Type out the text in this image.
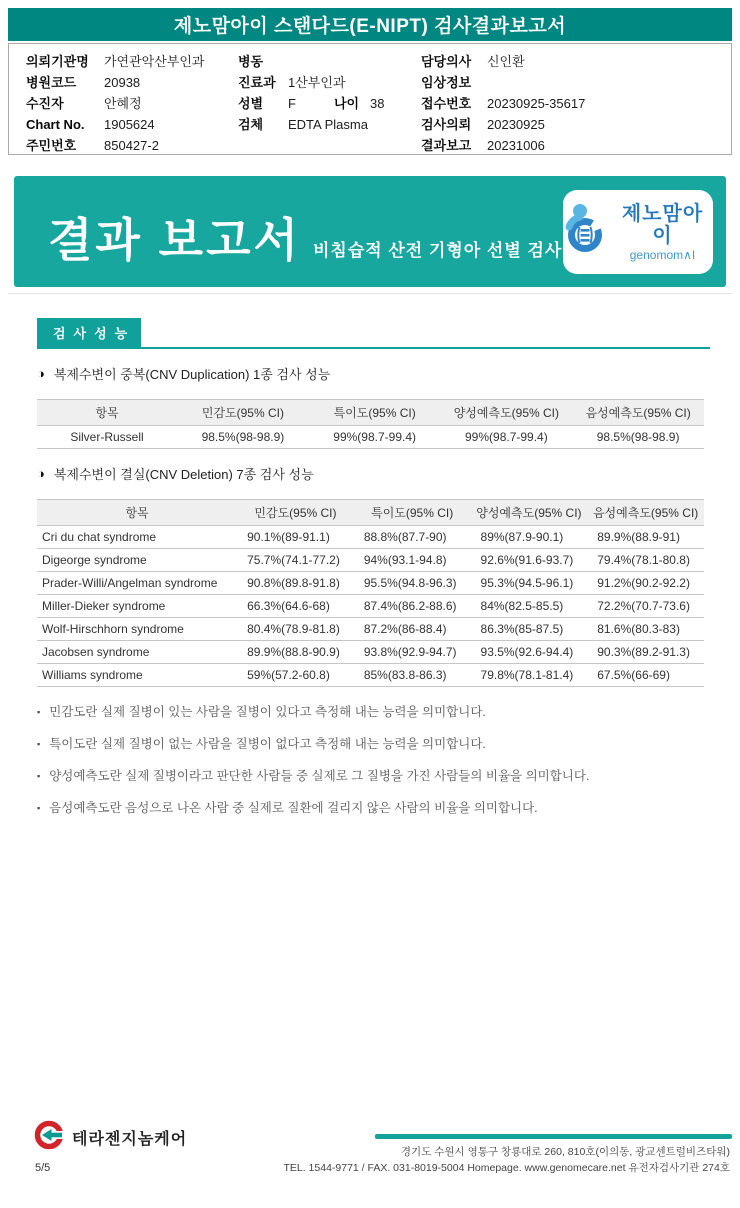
제노맘아이 스탠다드(E-NIPT) 검사결과보고서
의뢰기관명	가연관악산부인과
병원코드	20938
수진자	안혜정
Chart No.	1905624
주민번호	850427-2
병동
진료과 1산부인과
성별	F	나이 38
검체	EDTA Plasma
담당의사	신인환
임상정보
접수번호	20230925-35617
검사의뢰	20230925
결과보고	20231006
결과 보고서 비침습적 산전 기형아 선별 검사
제노맘아이
genomom∧I
검사성능
◑ 복제수변이 중복(CNV Duplication) 1종 검사 성능
항목	민감도(95% CI)	특이도(95% CI)	양성예측도(95% CI)	음성예측도(95% CI)
Silver-Russell	98.5%(98-98.9)	99%(98.7-99.4)	99%(98.7-99.4)	98.5%(98-98.9)
◑ 복제수변이 결실(CNV Deletion) 7종 검사 성능
항목	민감도(95% CI)	특이도(95% CI)	양성예측도(95% CI)	음성예측도(95% CI)
Cri du chat syndrome	90.1%(89-91.1)	88.8%(87.7-90)	89%(87.9-90.1)	89.9%(88.9-91)
Digeorge syndrome	75.7%(74.1-77.2)	94%(93.1-94.8)	92.6%(91.6-93.7)	79.4%(78.1-80.8)
Prader-Willi/Angelman syndrome	90.8%(89.8-91.8)	95.5%(94.8-96.3)	95.3%(94.5-96.1)	91.2%(90.2-92.2)
Miller-Dieker syndrome	66.3%(64.6-68)	87.4%(86.2-88.6)	84%(82.5-85.5)	72.2%(70.7-73.6)
Wolf-Hirschhorn syndrome	80.4%(78.9-81.8)	87.2%(86-88.4)	86.3%(85-87.5)	81.6%(80.3-83)
Jacobsen syndrome	89.9%(88.8-90.9)	93.8%(92.9-94.7)	93.5%(92.6-94.4)	90.3%(89.2-91.3)
Williams syndrome	59%(57.2-60.8)	85%(83.8-86.3)	79.8%(78.1-81.4)	67.5%(66-69)
▪ 민감도란 실제 질병이 있는 사람을 질병이 있다고 측정해 내는 능력을 의미합니다.
▪ 특이도란 실제 질병이 없는 사람을 질병이 없다고 측정해 내는 능력을 의미합니다.
▪ 양성예측도란 실제 질병이라고 판단한 사람들 중 실제로 그 질병을 가진 사람들의 비율을 의미합니다.
▪ 음성예측도란 음성으로 나온 사람 중 실제로 질환에 걸리지 않은 사람의 비율을 의미합니다.
테라젠지놈케어
경기도 수원시 영통구 창룡대로 260, 810호(이의동, 광교센트럴비즈타워)
TEL. 1544-9771 / FAX. 031-8019-5004 Homepage. www.genomecare.net 유전자검사기관 274호
5/5
